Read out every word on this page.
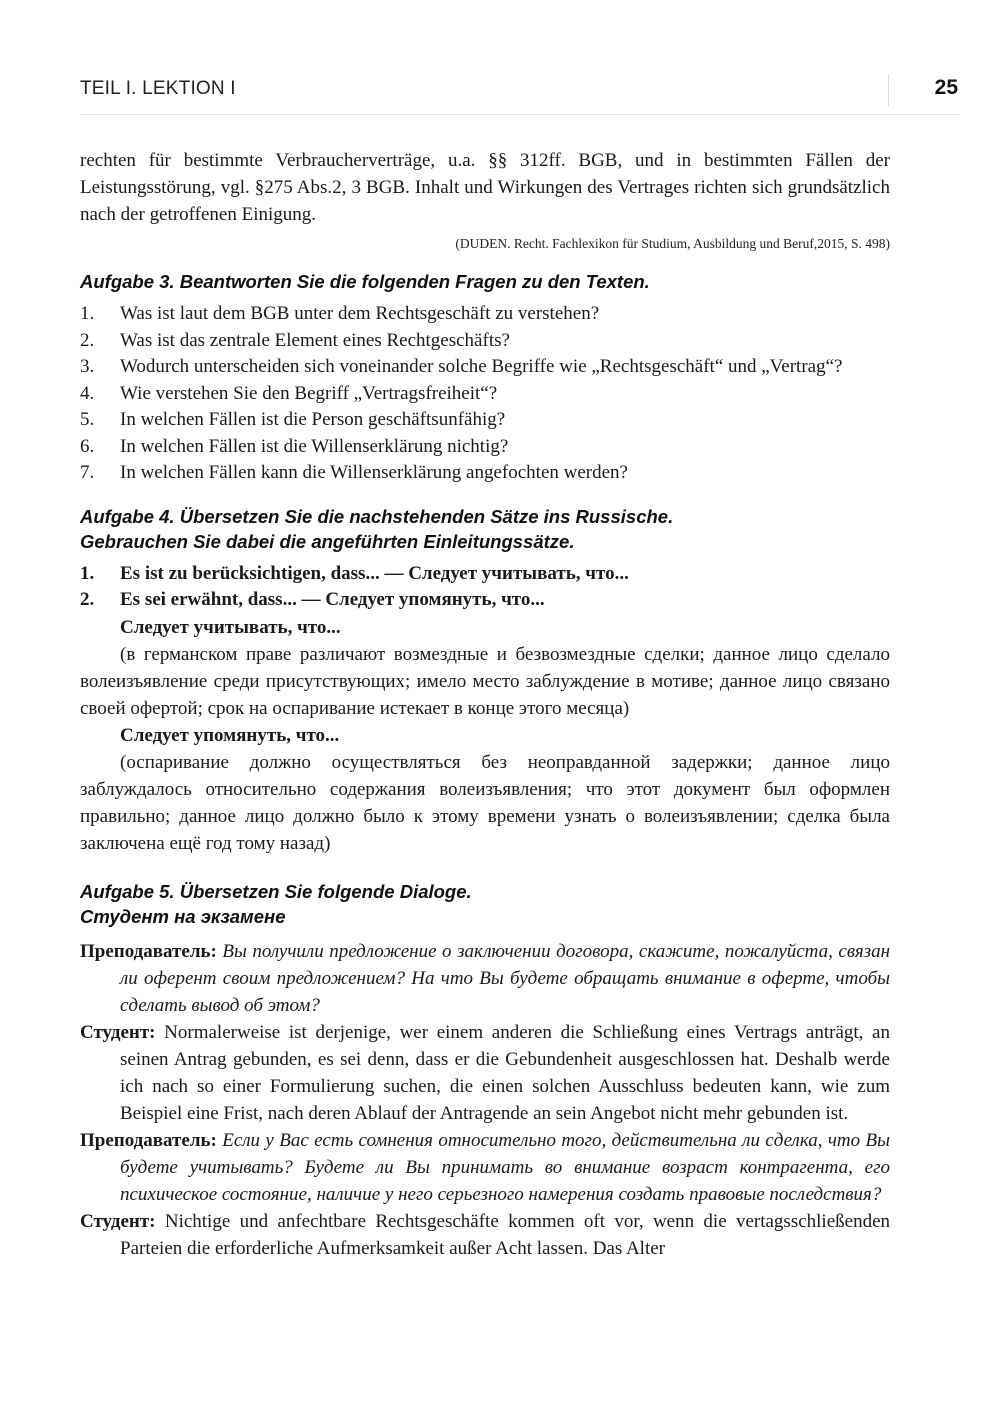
TEIL I. LEKTION I	25

rechten für bestimmte Verbraucherverträge, u.a. §§ 312ff. BGB, und in bestimmten Fällen der Leistungsstörung, vgl. §275 Abs.2, 3 BGB. Inhalt und Wirkungen des Vertrages richten sich grundsätzlich nach der getroffenen Einigung.

(DUDEN. Recht. Fachlexikon für Studium, Ausbildung und Beruf,2015, S. 498)

Aufgabe 3. Beantworten Sie die folgenden Fragen zu den Texten.

1. Was ist laut dem BGB unter dem Rechtsgeschäft zu verstehen?
2. Was ist das zentrale Element eines Rechtgeschäfts?
3. Wodurch unterscheiden sich voneinander solche Begriffe wie „Rechtsgeschäft“ und „Vertrag“?
4. Wie verstehen Sie den Begriff „Vertragsfreiheit“?
5. In welchen Fällen ist die Person geschäftsunfähig?
6. In welchen Fällen ist die Willenserklärung nichtig?
7. In welchen Fällen kann die Willenserklärung angefochten werden?

Aufgabe 4. Übersetzen Sie die nachstehenden Sätze ins Russische.

Gebrauchen Sie dabei die angeführten Einleitungssätze.

1. Es ist zu berücksichtigen, dass... — Следует учитывать, что...
2. Es sei erwähnt, dass... — Следует упомянуть, что...

Следует учитывать, что...

(в германском праве различают возмездные и безвозмездные сделки; данное лицо сделало волеизъявление среди присутствующих; имело место заблуждение в мотиве; данное лицо связано своей офертой; срок на оспаривание истекает в конце этого месяца)

Следует упомянуть, что...

(оспаривание должно осуществляться без неоправданной задержки; данное лицо заблуждалось относительно содержания волеизъявления; что этот документ был оформлен правильно; данное лицо должно было к этому времени узнать о волеизъявлении; сделка была заключена ещё год тому назад)

Aufgabe 5. Übersetzen Sie folgende Dialoge.

Студент на экзамене

Преподаватель: Вы получили предложение о заключении договора, скажите, пожалуйста, связан ли оферент своим предложением? На что Вы будете обращать внимание в оферте, чтобы сделать вывод об этом?

Студент: Normalerweise ist derjenige, wer einem anderen die Schließung eines Vertrags anträgt, an seinen Antrag gebunden, es sei denn, dass er die Gebundenheit ausgeschlossen hat. Deshalb werde ich nach so einer Formulierung suchen, die einen solchen Ausschluss bedeuten kann, wie zum Beispiel eine Frist, nach deren Ablauf der Antragende an sein Angebot nicht mehr gebunden ist.

Преподаватель: Если у Вас есть сомнения относительно того, действительна ли сделка, что Вы будете учитывать? Будете ли Вы принимать во внимание возраст контрагента, его психическое состояние, наличие у него серьезного намерения создать правовые последствия?

Студент: Nichtige und anfechtbare Rechtsgeschäfte kommen oft vor, wenn die vertagsschließenden Parteien die erforderliche Aufmerksamkeit außer Acht lassen. Das Alter
